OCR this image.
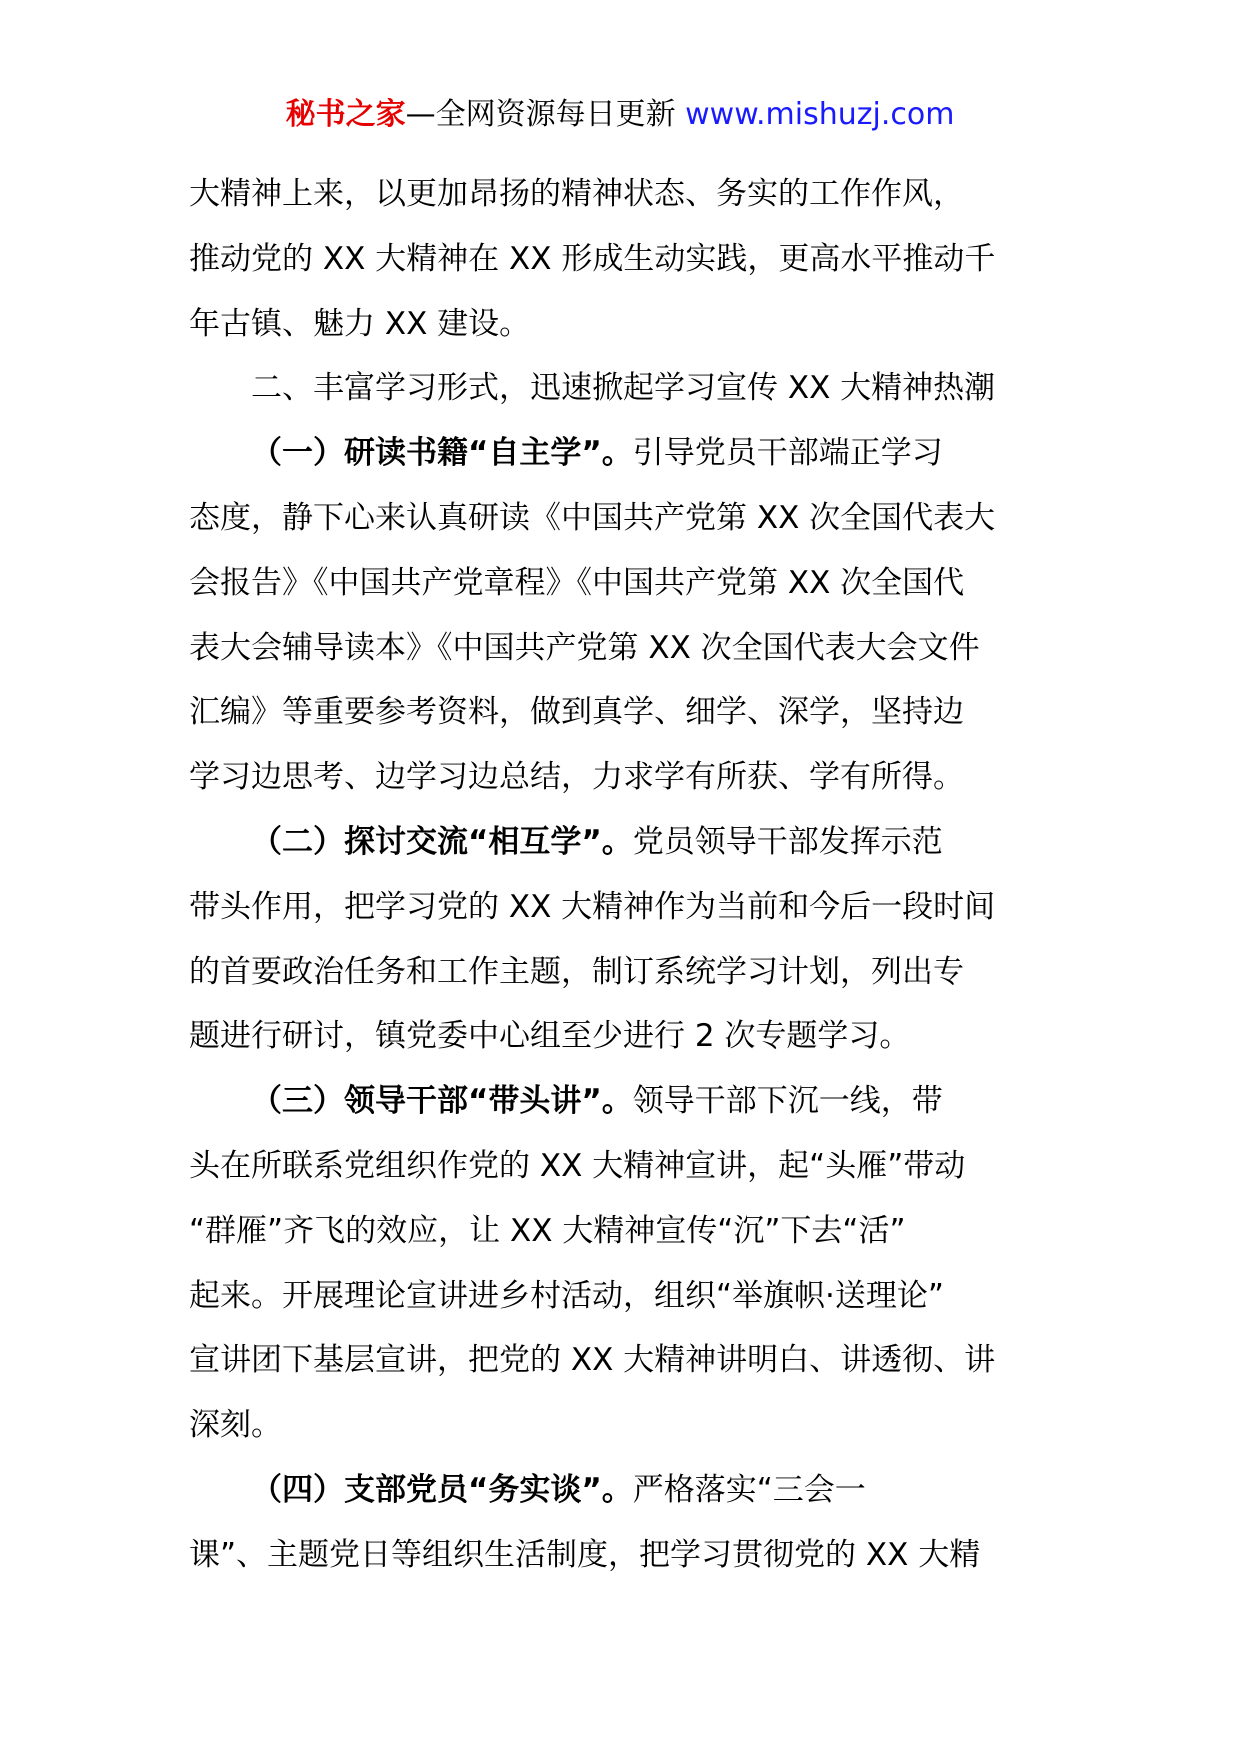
秘书之家—全网资源每日更新 www.mishuzj.com
大精神上来，以更加昂扬的精神状态、务实的工作作风，
推动党的 XX 大精神在 XX 形成生动实践，更高水平推动千
年古镇、魅力 XX 建设。
二、丰富学习形式，迅速掀起学习宣传 XX 大精神热潮
（一）研读书籍“自主学”。引导党员干部端正学习
态度，静下心来认真研读《中国共产党第 XX 次全国代表大
会报告》《中国共产党章程》《中国共产党第 XX 次全国代
表大会辅导读本》《中国共产党第 XX 次全国代表大会文件
汇编》等重要参考资料，做到真学、细学、深学，坚持边
学习边思考、边学习边总结，力求学有所获、学有所得。
（二）探讨交流“相互学”。党员领导干部发挥示范
带头作用，把学习党的 XX 大精神作为当前和今后一段时间
的首要政治任务和工作主题，制订系统学习计划，列出专
题进行研讨，镇党委中心组至少进行 2 次专题学习。
（三）领导干部“带头讲”。领导干部下沉一线，带
头在所联系党组织作党的 XX 大精神宣讲，起“头雁”带动
“群雁”齐飞的效应，让 XX 大精神宣传“沉”下去“活”
起来。开展理论宣讲进乡村活动，组织“举旗帜·送理论”
宣讲团下基层宣讲，把党的 XX 大精神讲明白、讲透彻、讲
深刻。
（四）支部党员“务实谈”。严格落实“三会一
课”、主题党日等组织生活制度，把学习贯彻党的 XX 大精
